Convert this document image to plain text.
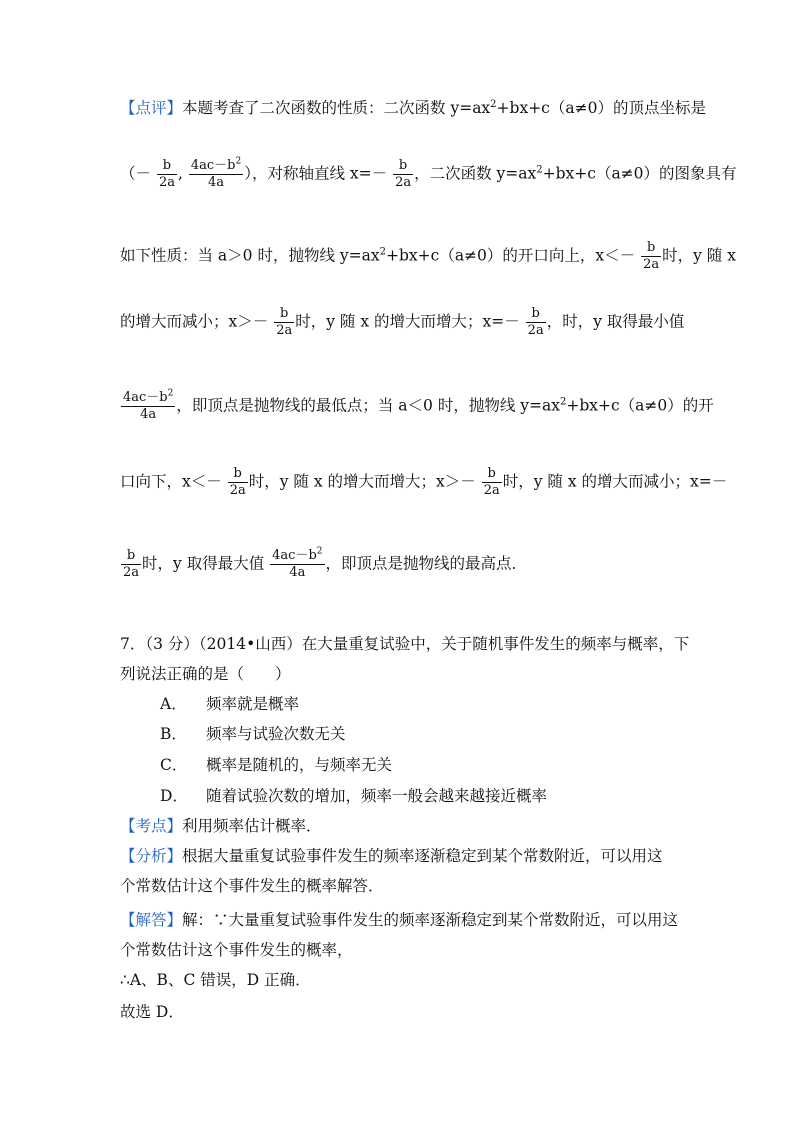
【点评】本题考查了二次函数的性质：二次函数 $y=ax^2+bx+c(a\ne 0)$的顶点坐标是
（－ $\frac{b}{2a}$ , $\frac{4ac-b^2}{4a}$ ），对称轴直线 $x=- \frac{b}{2a}$ ，二次函数 $y=ax^2+bx+c(a\ne 0)$的图象具有
如下性质：当 a＞0 时，抛物线 $y=ax^2+bx+c(a\ne 0)$的开口向上，$x<- \frac{b}{2a}$ 时，y 随 x
的增大而减小；$x>- \frac{b}{2a}$ 时，y 随 x 的增大而增大；$x=- \frac{b}{2a}$ ，时，y 取得最小值
$\frac{4ac-b^2}{4a}$ ，即顶点是抛物线的最低点；当 a＜0 时，抛物线 $y=ax^2+bx+c(a\ne 0)$的开
口向下，$x<- \frac{b}{2a}$ 时，y 随 x 的增大而增大；$x>- \frac{b}{2a}$ 时，y 随 x 的增大而减小；x=－
$\frac{b}{2a}$ 时，y 取得最大值 $\frac{4ac-b^2}{4a}$ ，即顶点是抛物线的最高点．
7．（3 分）（2014•山西）在大量重复试验中，关于随机事件发生的频率与概率，下
列说法正确的是（　　）
A． 频率就是概率
B． 频率与试验次数无关
C． 概率是随机的，与频率无关
D． 随着试验次数的增加，频率一般会越来越接近概率
【考点】利用频率估计概率．
【分析】根据大量重复试验事件发生的频率逐渐稳定到某个常数附近，可以用这
个常数估计这个事件发生的概率解答．
【解答】解：∵大量重复试验事件发生的频率逐渐稳定到某个常数附近，可以用这
个常数估计这个事件发生的概率，
∴A、B、C 错误，D 正确．
故选 D．
